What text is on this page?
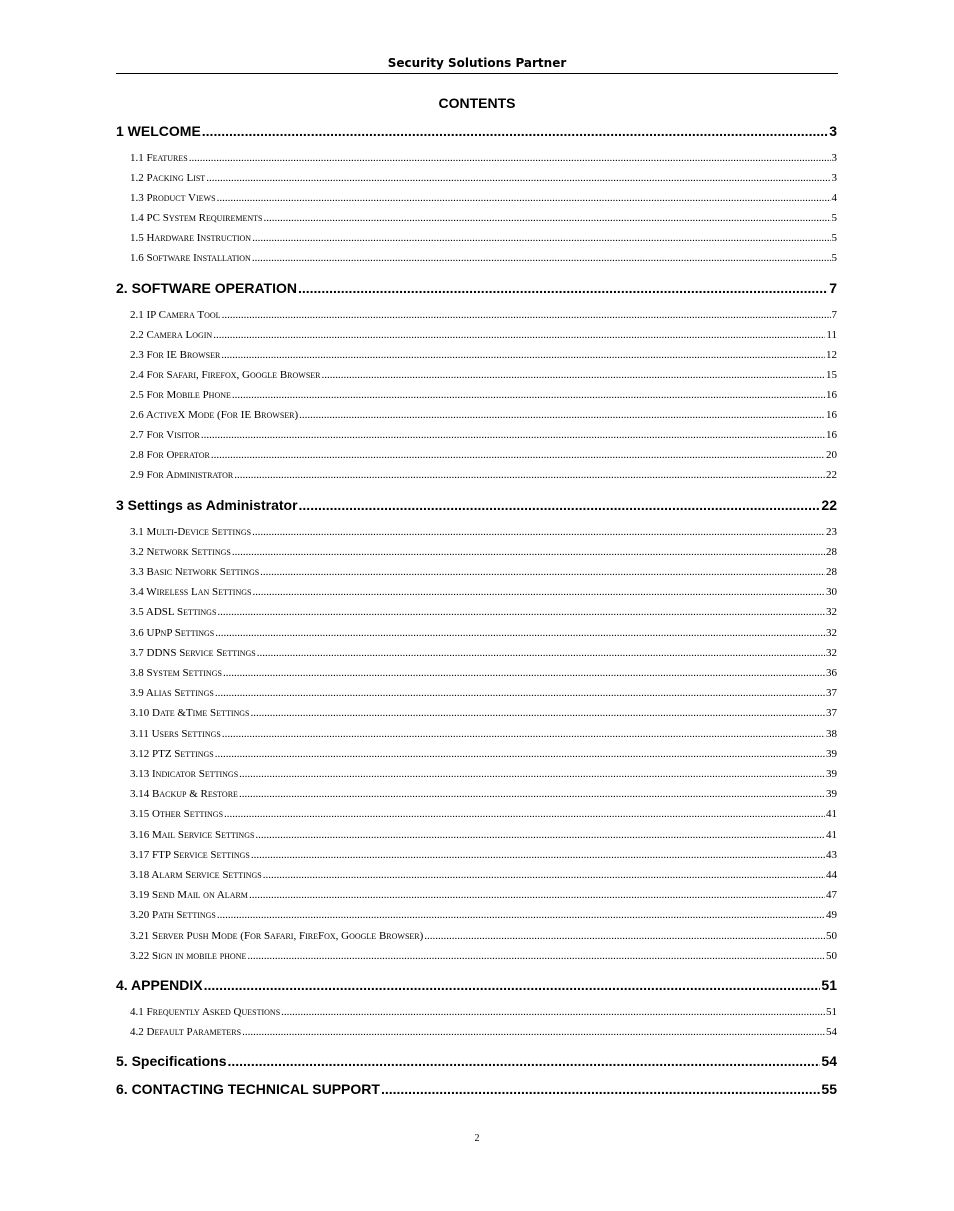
Security Solutions Partner
CONTENTS
1 WELCOME .....	3
1.1 Features .....	3
1.2 Packing List .....	3
1.3 Product Views .....	4
1.4 PC System Requirements .....	5
1.5 Hardware Instruction .....	5
1.6 Software Installation .....	5
2. SOFTWARE OPERATION .....	7
2.1 IP Camera Tool .....	7
2.2 Camera Login .....	11
2.3 For IE Browser .....	12
2.4 For Safari, Firefox, Google Browser .....	15
2.5 For Mobile Phone .....	16
2.6 ActiveX Mode (For IE Browser) .....	16
2.7 For Visitor .....	16
2.8 For Operator .....	20
2.9 For Administrator .....	22
3 Settings as Administrator .....	22
3.1 Multi-Device Settings .....	23
3.2 Network Settings .....	28
3.3 Basic Network Settings .....	28
3.4 Wireless Lan Settings .....	30
3.5 ADSL Settings .....	32
3.6 UPnP Settings .....	32
3.7 DDNS Service Settings .....	32
3.8 System Settings .....	36
3.9 Alias Settings .....	37
3.10 Date &Time Settings .....	37
3.11 Users Settings .....	38
3.12 PTZ Settings .....	39
3.13 Indicator Settings .....	39
3.14 Backup & Restore .....	39
3.15 Other Settings .....	41
3.16 Mail Service Settings .....	41
3.17 FTP Service Settings .....	43
3.18 Alarm Service Settings .....	44
3.19 Send Mail on Alarm .....	47
3.20 Path Settings .....	49
3.21 Server Push Mode (For Safari, FireFox, Google Browser) .....	50
3.22 Sign in mobile phone .....	50
4. APPENDIX .....	51
4.1 Frequently Asked Questions .....	51
4.2 Default Parameters .....	54
5. Specifications .....	54
6. CONTACTING TECHNICAL SUPPORT .....	55
2
